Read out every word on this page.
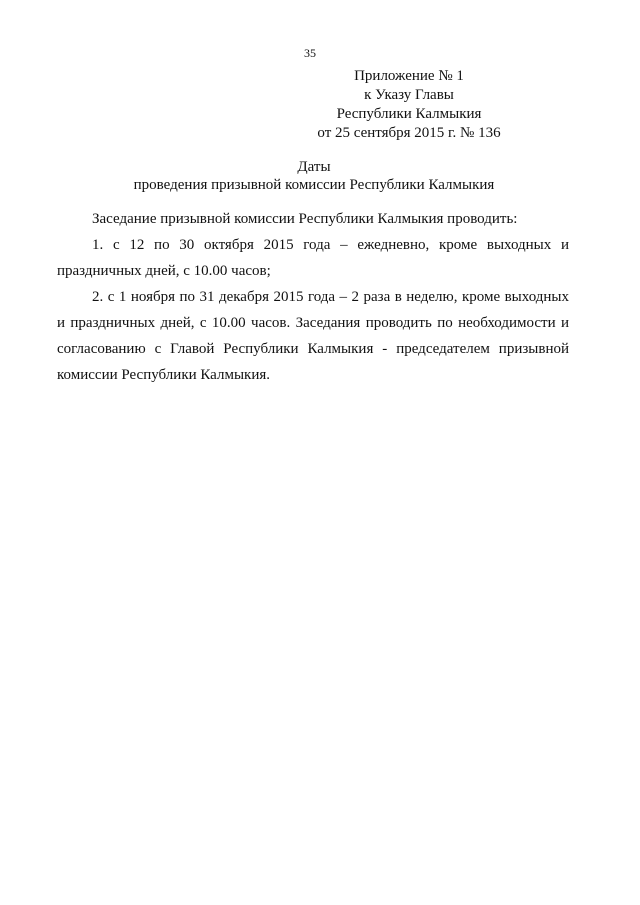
35
Приложение № 1
к Указу Главы
Республики Калмыкия
от 25 сентября 2015 г. № 136
Даты
проведения призывной комиссии Республики Калмыкия

Заседание призывной комиссии Республики Калмыкия проводить:

1. с 12 по 30 октября 2015 года – ежедневно, кроме выходных и праздничных дней, с 10.00 часов;

2. с 1 ноября по 31 декабря 2015 года – 2 раза в неделю, кроме выходных и праздничных дней, с 10.00 часов. Заседания проводить по необходимости и согласованию с Главой Республики Калмыкия - председателем призывной комиссии Республики Калмыкия.
